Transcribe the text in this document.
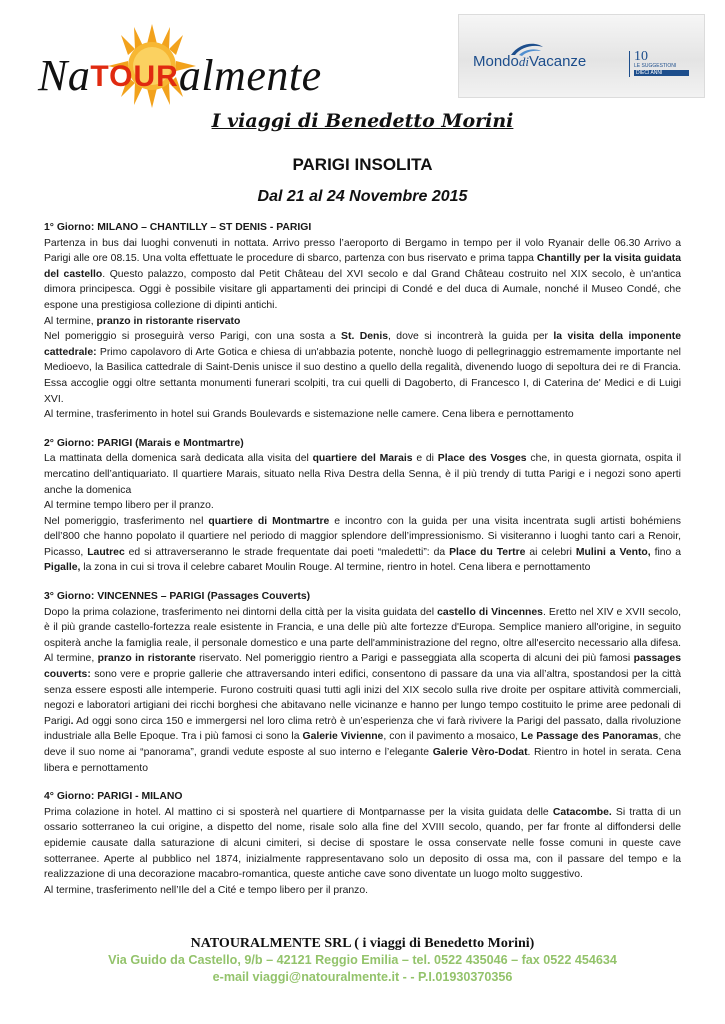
NaTOURalmente	MondodiVacanze	10
LE SUGGESTIONI
DIECI ANNI
I viaggi di Benedetto Morini
PARIGI INSOLITA
Dal 21 al 24 Novembre 2015

1° Giorno: MILANO – CHANTILLY – ST DENIS - PARIGI

Partenza in bus dai luoghi convenuti in nottata. Arrivo presso l’aeroporto di Bergamo in tempo per il volo Ryanair delle 06.30 Arrivo a Parigi alle ore 08.15. Una volta effettuate le procedure di sbarco, partenza con bus riservato e prima tappa Chantilly per la visita guidata del castello. Questo palazzo, composto dal Petit Château del XVI secolo e dal Grand Château costruito nel XIX secolo, è un'antica dimora principesca. Oggi è possibile visitare gli appartamenti dei principi di Condé e del duca di Aumale, nonché il Museo Condé, che espone una prestigiosa collezione di dipinti antichi.

Al termine, pranzo in ristorante riservato

Nel pomeriggio si proseguirà verso Parigi, con una sosta a St. Denis, dove si incontrerà la guida per la visita della imponente cattedrale: Primo capolavoro di Arte Gotica e chiesa di un'abbazia potente, nonchè luogo di pellegrinaggio estremamente importante nel Medioevo, la Basilica cattedrale di Saint-Denis unisce il suo destino a quello della regalità, divenendo luogo di sepoltura dei re di Francia. Essa accoglie oggi oltre settanta monumenti funerari scolpiti, tra cui quelli di Dagoberto, di Francesco I, di Caterina de' Medici e di Luigi XVI.

Al termine, trasferimento in hotel sui Grands Boulevards e sistemazione nelle camere. Cena libera e pernottamento

2° Giorno: PARIGI (Marais e Montmartre)

La mattinata della domenica sarà dedicata alla visita del quartiere del Marais e di Place des Vosges che, in questa giornata, ospita il mercatino dell’antiquariato. Il quartiere Marais, situato nella Riva Destra della Senna, è il più trendy di tutta Parigi e i negozi sono aperti anche la domenica

Al termine tempo libero per il pranzo.

Nel pomeriggio, trasferimento nel quartiere di Montmartre e incontro con la guida per una visita incentrata sugli artisti bohémiens dell’800 che hanno popolato il quartiere nel periodo di maggior splendore dell’impressionismo. Si visiteranno i luoghi tanto cari a Renoir, Picasso, Lautrec ed si attraverseranno le strade frequentate dai poeti “maledetti”: da Place du Tertre ai celebri Mulini a Vento, fino a Pigalle, la zona in cui si trova il celebre cabaret Moulin Rouge. Al termine, rientro in hotel. Cena libera e pernottamento

3° Giorno: VINCENNES – PARIGI (Passages Couverts)

Dopo la prima colazione, trasferimento nei dintorni della città per la visita guidata del castello di Vincennes. Eretto nel XIV e XVII secolo, è il più grande castello-fortezza reale esistente in Francia, e una delle più alte fortezze d'Europa. Semplice maniero all'origine, in seguito ospiterà anche la famiglia reale, il personale domestico e una parte dell'amministrazione del regno, oltre all'esercito necessario alla difesa. Al termine, pranzo in ristorante riservato. Nel pomeriggio rientro a Parigi e passeggiata alla scoperta di alcuni dei più famosi passages couverts: sono vere e proprie gallerie che attraversando interi edifici, consentono di passare da una via all’altra, spostandosi per la città senza essere esposti alle intemperie. Furono costruiti quasi tutti agli inizi del XIX secolo sulla rive droite per ospitare attività commerciali, negozi e laboratori artigiani dei ricchi borghesi che abitavano nelle vicinanze e hanno per lungo tempo costituito le prime aree pedonali di Parigi. Ad oggi sono circa 150 e immergersi nel loro clima retrò è un’esperienza che vi farà rivivere la Parigi del passato, dalla rivoluzione industriale alla Belle Epoque. Tra i più famosi ci sono la Galerie Vivienne, con il pavimento a mosaico, Le Passage des Panoramas, che deve il suo nome ai “panorama”, grandi vedute esposte al suo interno e l’elegante Galerie Vèro-Dodat. Rientro in hotel in serata. Cena libera e pernottamento

4° Giorno: PARIGI - MILANO

Prima colazione in hotel. Al mattino ci si sposterà nel quartiere di Montparnasse per la visita guidata delle Catacombe. Si tratta di un ossario sotterraneo la cui origine, a dispetto del nome, risale solo alla fine del XVIII secolo, quando, per far fronte al diffondersi delle epidemie causate dalla saturazione di alcuni cimiteri, si decise di spostare le ossa conservate nelle fosse comuni in queste cave sotterranee. Aperte al pubblico nel 1874, inizialmente rappresentavano solo un deposito di ossa ma, con il passare del tempo e la realizzazione di una decorazione macabro-romantica, queste antiche cave sono diventate un luogo molto suggestivo.

Al termine, trasferimento nell’Ile del a Cité e tempo libero per il pranzo.

NATOURALMENTE SRL ( i viaggi di Benedetto Morini)
Via Guido da Castello, 9/b – 42121 Reggio Emilia – tel. 0522 435046 – fax 0522 454634
e-mail viaggi@natouralmente.it - - P.I.01930370356
